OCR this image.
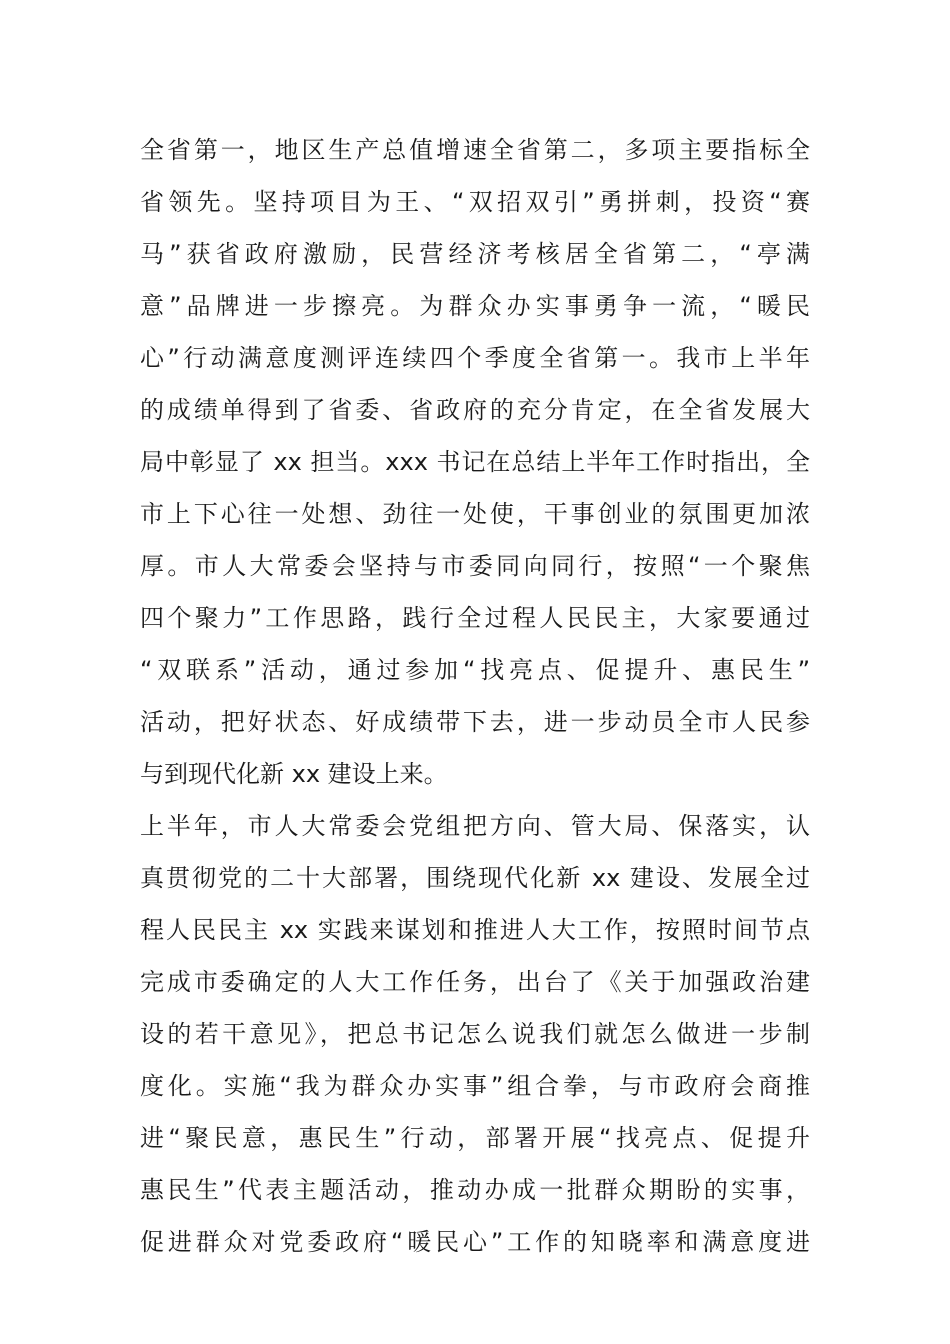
全省第一，地区生产总值增速全省第二，多项主要指标全
省领先。坚持项目为王、“双招双引”勇拼刺，投资“赛
马”获省政府激励，民营经济考核居全省第二，“亭满
意”品牌进一步擦亮。为群众办实事勇争一流，“暖民
心”行动满意度测评连续四个季度全省第一。我市上半年
的成绩单得到了省委、省政府的充分肯定，在全省发展大
局中彰显了 xx 担当。xxx 书记在总结上半年工作时指出，全
市上下心往一处想、劲往一处使，干事创业的氛围更加浓
厚。市人大常委会坚持与市委同向同行，按照“一个聚焦
四个聚力”工作思路，践行全过程人民民主，大家要通过
“双联系”活动，通过参加“找亮点、促提升、惠民生”
活动，把好状态、好成绩带下去，进一步动员全市人民参
与到现代化新 xx 建设上来。
上半年，市人大常委会党组把方向、管大局、保落实，认
真贯彻党的二十大部署，围绕现代化新 xx 建设、发展全过
程人民民主 xx 实践来谋划和推进人大工作，按照时间节点
完成市委确定的人大工作任务，出台了《关于加强政治建
设的若干意见》，把总书记怎么说我们就怎么做进一步制
度化。实施“我为群众办实事”组合拳，与市政府会商推
进“聚民意，惠民生”行动，部署开展“找亮点、促提升
惠民生”代表主题活动，推动办成一批群众期盼的实事，
促进群众对党委政府“暖民心”工作的知晓率和满意度进
